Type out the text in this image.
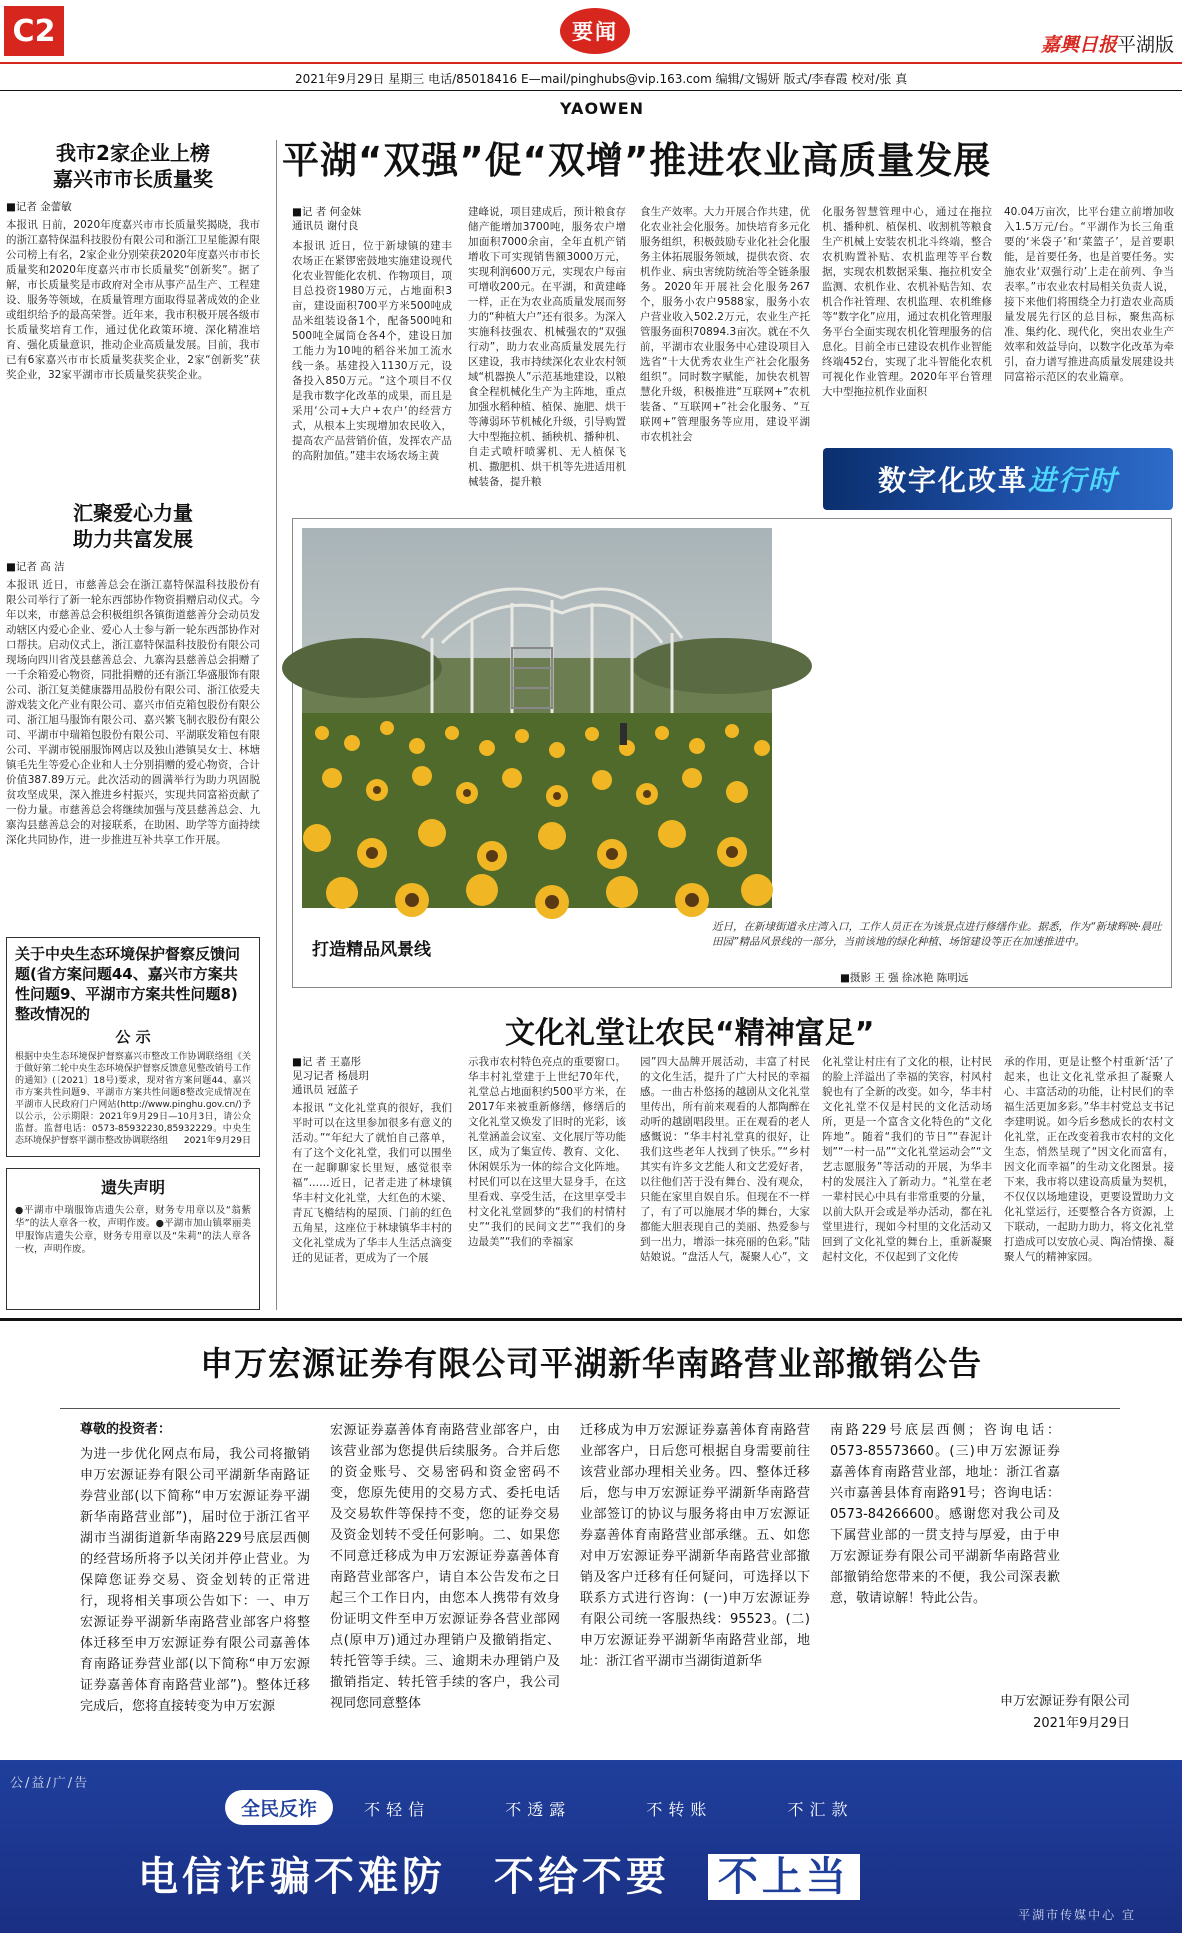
C2	要闻
嘉興日报平湖版
2021年9月29日 星期三 电话/85018416 E—mail/pinghubs@vip.163.com 编辑/文锡妍 版式/李春霞 校对/张 真
YAOWEN
我市2家企业上榜
嘉兴市市长质量奖
■记者 金蕾敏
本报讯 日前，2020年度嘉兴市市长质量奖揭晓，我市的浙江嘉特保温科技股份有限公司和浙江卫星能源有限公司榜上有名，2家企业分别荣获2020年度嘉兴市市长质量奖和2020年度嘉兴市市长质量奖“创新奖”。据了解，市长质量奖是市政府对全市从事产品生产、工程建设、服务等领域，在质量管理方面取得显著成效的企业或组织给予的最高荣誉。近年来，我市积极开展各级市长质量奖培育工作，通过优化政策环境、深化精准培育、强化质量意识，推动企业高质量发展。目前，我市已有6家嘉兴市市长质量奖获奖企业，2家“创新奖”获奖企业，32家平湖市市长质量奖获奖企业。
汇聚爱心力量
助力共富发展
■记者 高 洁
本报讯 近日，市慈善总会在浙江嘉特保温科技股份有限公司举行了新一轮东西部协作物资捐赠启动仪式。今年以来，市慈善总会积极组织各镇街道慈善分会动员发动辖区内爱心企业、爱心人士参与新一轮东西部协作对口帮扶。启动仪式上，浙江嘉特保温科技股份有限公司现场向四川省茂县慈善总会、九寨沟县慈善总会捐赠了一千余箱爱心物资，同批捐赠的还有浙江华盛服饰有限公司、浙江复美健康器用品股份有限公司、浙江依爱夫游戏装文化产业有限公司、嘉兴市佰克箱包股份有限公司、浙江旭马服饰有限公司、嘉兴繁飞制衣股份有限公司、平湖市中瑞箱包股份有限公司、平湖联发箱包有限公司、平湖市锐丽服饰网店以及独山港镇吴女士、林塘镇毛先生等爱心企业和人士分别捐赠的爱心物资，合计价值387.89万元。此次活动的圆满举行为助力巩固脱贫攻坚成果，深入推进乡村振兴，实现共同富裕贡献了一份力量。市慈善总会将继续加强与茂县慈善总会、九寨沟县慈善总会的对接联系，在助困、助学等方面持续深化共同协作，进一步推进互补共享工作开展。
关于中央生态环境保护督察反馈问题(省方案问题44、嘉兴市方案共性问题9、平湖市方案共性问题8)整改情况的
公 示
根据中央生态环境保护督察嘉兴市整改工作协调联络组《关于做好第二轮中央生态环境保护督察反馈意见整改销号工作的通知》(〔2021〕18号)要求，现对省方案问题44、嘉兴市方案共性问题9、平湖市方案共性问题8整改完成情况在平湖市人民政府门户网站(http://www.pinghu.gov.cn/)予以公示，公示期限：2021年9月29日—10月3日，请公众监督。监督电话：0573-85932230,85932229。中央生态环境保护督察平湖市整改协调联络组	2021年9月29日
遗失声明
●平湖市中瑞服饰店遗失公章，财务专用章以及“翁紫华”的法人章各一枚，声明作废。●平湖市加山镇翠丽美甲服饰店遗失公章，财务专用章以及“朱莉”的法人章各一枚，声明作废。
平湖“双强”促“双增”推进农业高质量发展
■记 者 何金妹
通讯员 谢付良
本报讯 近日，位于新埭镇的建丰农场正在紧锣密鼓地实施建设现代化农业智能化农机、作物项目，项目总投资1980万元，占地面积3亩，建设面积700平方米500吨成品米组装设备1个，配备500吨和500吨全属筒仓各4个，建设日加工能力为10吨的稻谷米加工流水线一条。基建投入1130万元，设备投入850万元。“这个项目不仅是我市数字化改革的成果，而且是采用‘公司+大户+农户’的经营方式，从根本上实现增加农民收入，提高农产品营销价值，发挥农产品的高附加值。”建丰农场农场主黄
建峰说，项目建成后，预计粮食存储产能增加3700吨，服务农户增加面积7000余亩，全年直机产销增收下可实现销售额3000万元，实现利润600万元，实现农户每亩可增收200元。在平湖，和黄建峰一样，正在为农业高质量发展而努力的“种植大户”还有很多。为深入实施科技强农、机械强农的“双强行动”，助力农业高质量发展先行区建设，我市持续深化农业农村领域“机器换人”示范基地建设，以粮食全程机械化生产为主阵地，重点加强水稻种植、植保、施肥、烘干等薄弱环节机械化升级，引导购置大中型拖拉机、插秧机、播种机、自走式喷杆喷雾机、无人植保飞机、撒肥机、烘干机等先进适用机械装备，提升粮
食生产效率。大力开展合作共建，优化农业社会化服务。加快培育多元化服务组织，积极鼓励专业化社会化服务主体拓展服务领域，提供农资、农机作业、病虫害统防统治等全链条服务。2020年开展社会化服务267个，服务小农户9588家，服务小农户营业收入502.2万元，农业生产托管服务面积70894.3亩次。就在不久前，平湖市农业服务中心建设项目入选省“十大优秀农业生产社会化服务组织”。同时数字赋能，加快农机智慧化升级，积极推进“互联网+”农机装备、“互联网+”社会化服务、“互联网+”管理服务等应用，建设平湖市农机社会
化服务智慧管理中心，通过在拖拉机、播种机、植保机、收割机等粮食生产机械上安装农机北斗终端，整合农机购置补贴、农机监理等平台数据，实现农机数据采集、拖拉机安全监测、农机作业、农机补贴告知、农机合作社管理、农机监理、农机维修等“数字化”应用，通过农机化管理服务平台全面实现农机化管理服务的信息化。目前全市已建设农机作业智能终端452台，实现了北斗智能化农机可视化作业管理。2020年平台管理大中型拖拉机作业面积
40.04万亩次，比平台建立前增加收入1.5万元/台。“平湖作为长三角重要的‘米袋子’和‘菜篮子’，是首要职能，是首要任务，也是首要任务。实施农业‘双强行动’上走在前列、争当表率。”市农业农村局相关负责人说，接下来他们将围绕全力打造农业高质量发展先行区的总目标，聚焦高标准、集约化、现代化，突出农业生产效率和效益导向，以数字化改革为牵引，奋力谱写推进高质量发展建设共同富裕示范区的农业篇章。
数字化改革 进行时
打造精品风景线
近日，在新埭街道永庄湾入口，工作人员正在为该景点进行修缮作业。据悉，作为“新埭辉映·晨吐田园”精品风景线的一部分，当前该地的绿化种植、场馆建设等正在加速推进中。
■摄影 王 强 徐冰艳 陈明远
文化礼堂让农民“精神富足”
■记 者 王嘉彤
见习记者 杨晨玥
通讯员 冠蓝子
本报讯 “文化礼堂真的很好，我们平时可以在这里参加很多有意义的活动。”“年纪大了就怕自己落单，有了这个文化礼堂，我们可以围坐在一起聊聊家长里短，感觉很幸福”……近日，记者走进了林埭镇华丰村文化礼堂，大红色的木梁、青瓦飞檐结构的屋顶、门前的红色五角星，这座位于林埭镇华丰村的文化礼堂成为了华丰人生活点滴变迁的见证者，更成为了一个展
示我市农村特色亮点的重要窗口。华丰村礼堂建于上世纪70年代，礼堂总占地面积约500平方米，在2017年来被重新修缮，修缮后的文化礼堂又焕发了旧时的光彩，该礼堂涵盖会议室、文化展厅等功能区，成为了集宣传、教育、文化、休闲娱乐为一体的综合文化阵地。村民们可以在这里大显身手，在这里看戏、享受生活，在这里享受丰村文化礼堂圆梦的“我们的村情村史”“我们的民间文艺”“我们的身边最美”“我们的幸福家
园”四大品牌开展活动，丰富了村民的文化生活，提升了广大村民的幸福感。一曲古朴悠扬的越剧从文化礼堂里传出，所有前来观看的人都陶醉在动听的越剧唱段里。正在观看的老人感慨说：“华丰村礼堂真的很好，让我们这些老年人找到了快乐。”“乡村其实有许多文艺能人和文艺爱好者，以往他们苦于没有舞台、没有观众，只能在家里自娱自乐。但现在不一样了，有了可以施展才华的舞台，大家都能大胆表现自己的美丽、热爱参与到一出力，增添一抹亮丽的色彩。”陆姑娘说。“盘活人气，凝聚人心”，文
化礼堂让村庄有了文化的根，让村民的脸上洋溢出了幸福的笑容，村风村貌也有了全新的改变。如今，华丰村文化礼堂不仅是村民的文化活动场所，更是一个富含文化特色的“文化阵地”。随着“我们的节日”“春泥计划”“一村一品”“文化礼堂运动会”“文艺志愿服务”等活动的开展，为华丰村的发展注入了新动力。“礼堂在老一辈村民心中具有非常重要的分量，以前大队开会或是举办活动，都在礼堂里进行，现如今村里的文化活动又回到了文化礼堂的舞台上，重新凝聚起村文化，不仅起到了文化传
承的作用，更是让整个村重新‘活’了起来，也让文化礼堂承担了凝聚人心、丰富活动的功能，让村民们的幸福生活更加多彩。”华丰村党总支书记李建明说。如今后乡愁成长的农村文化礼堂，正在改变着我市农村的文化生态，悄然呈现了“因文化而富有，因文化而幸福”的生动文化图景。接下来，我市将以建设高质量为契机，不仅仅以场地建设，更要设置助力文化礼堂运行，还要整合各方资源，上下联动，一起助力助力，将文化礼堂打造成可以安放心灵、陶冶情操、凝聚人气的精神家园。
申万宏源证券有限公司平湖新华南路营业部撤销公告
尊敬的投资者：
为进一步优化网点布局，我公司将撤销申万宏源证券有限公司平湖新华南路证券营业部(以下简称“申万宏源证券平湖新华南路营业部”)，届时位于浙江省平湖市当湖街道新华南路229号底层西侧的经营场所将予以关闭并停止营业。为保障您证券交易、资金划转的正常进行，现将相关事项公告如下：一、申万宏源证券平湖新华南路营业部客户将整体迁移至申万宏源证券有限公司嘉善体育南路证券营业部(以下简称“申万宏源证券嘉善体育南路营业部”)。整体迁移完成后，您将直接转变为申万宏源
宏源证券嘉善体育南路营业部客户，由该营业部为您提供后续服务。合并后您的资金账号、交易密码和资金密码不变，您原先使用的交易方式、委托电话及交易软件等保持不变，您的证券交易及资金划转不受任何影响。二、如果您不同意迁移成为申万宏源证券嘉善体育南路营业部客户，请自本公告发布之日起三个工作日内，由您本人携带有效身份证明文件至申万宏源证券各营业部网点(原申万)通过办理销户及撤销指定、转托管等手续。三、逾期未办理销户及撤销指定、转托管手续的客户，我公司视同您同意整体
迁移成为申万宏源证券嘉善体育南路营业部客户，日后您可根据自身需要前往该营业部办理相关业务。四、整体迁移后，您与申万宏源证券平湖新华南路营业部签订的协议与服务将由申万宏源证券嘉善体育南路营业部承继。五、如您对申万宏源证券平湖新华南路营业部撤销及客户迁移有任何疑问，可选择以下联系方式进行咨询：(一)申万宏源证券有限公司统一客服热线：95523。(二)申万宏源证券平湖新华南路营业部，地址：浙江省平湖市当湖街道新华
南路229号底层西侧；咨询电话：0573-85573660。(三)申万宏源证券嘉善体育南路营业部，地址：浙江省嘉兴市嘉善县体育南路91号；咨询电话：0573-84266600。感谢您对我公司及下属营业部的一贯支持与厚爱，由于申万宏源证券有限公司平湖新华南路营业部撤销给您带来的不便，我公司深表歉意，敬请谅解！特此公告。
申万宏源证券有限公司
2021年9月29日
公/益/广/告
全民反诈	不轻信	不透露	不转账	不汇款
电信诈骗不难防 不给不要 不上当
平湖市传媒中心 宣
